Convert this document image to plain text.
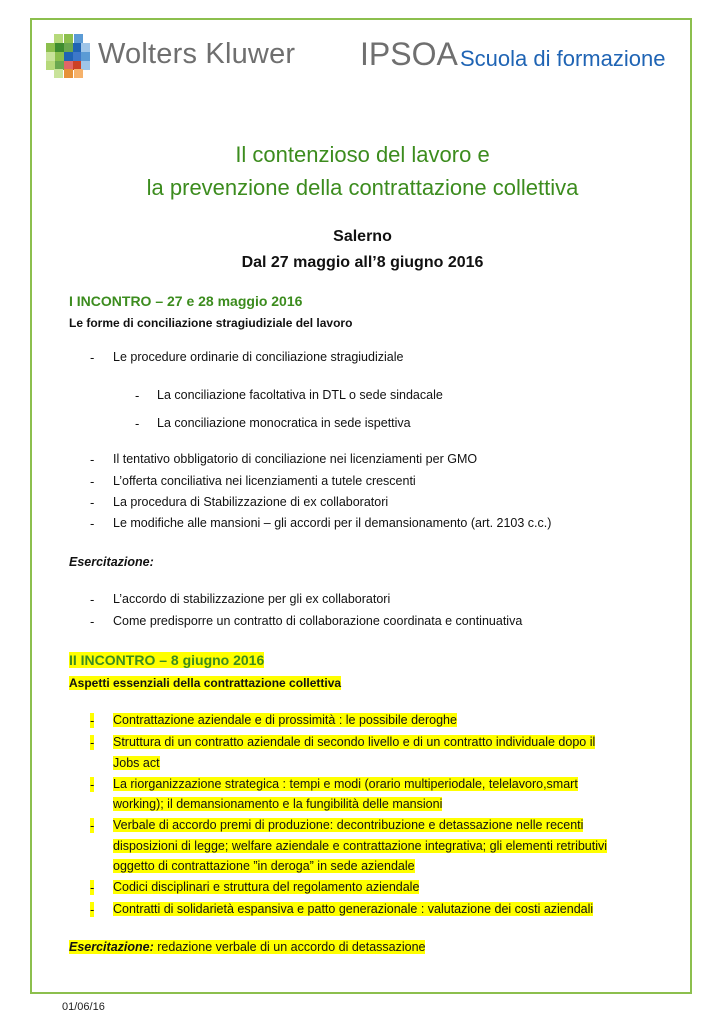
Wolters Kluwer IPSOA Scuola di formazione
Il contenzioso del lavoro e
la prevenzione della contrattazione collettiva
Salerno
Dal 27 maggio all’8 giugno 2016
I INCONTRO – 27 e 28 maggio 2016
Le forme di conciliazione stragiudiziale del lavoro
- Le procedure ordinarie di conciliazione stragiudiziale
- La conciliazione facoltativa in DTL o sede sindacale
- La conciliazione monocratica in sede ispettiva
- Il tentativo obbligatorio di conciliazione nei licenziamenti per GMO
- L’offerta conciliativa nei licenziamenti a tutele crescenti
- La procedura di Stabilizzazione di ex collaboratori
- Le modifiche alle mansioni – gli accordi per il demansionamento (art. 2103 c.c.)
Esercitazione:
- L’accordo di stabilizzazione per gli ex collaboratori
- Come predisporre un contratto di collaborazione coordinata e continuativa
II INCONTRO – 8 giugno 2016
Aspetti essenziali della contrattazione collettiva
- Contrattazione aziendale e di prossimità : le possibile deroghe
- Struttura di un contratto aziendale di secondo livello e di un contratto individuale dopo il
Jobs act
- La riorganizzazione strategica : tempi e modi (orario multiperiodale, telelavoro,smart
working); il demansionamento e la fungibilità delle mansioni
- Verbale di accordo premi di produzione: decontribuzione e detassazione nelle recenti
disposizioni di legge; welfare aziendale e contrattazione integrativa; gli elementi retributivi
oggetto di contrattazione ”in deroga” in sede aziendale
- Codici disciplinari e struttura del regolamento aziendale
- Contratti di solidarietà espansiva e patto generazionale : valutazione dei costi aziendali
Esercitazione: redazione verbale di un accordo di detassazione
01/06/16
